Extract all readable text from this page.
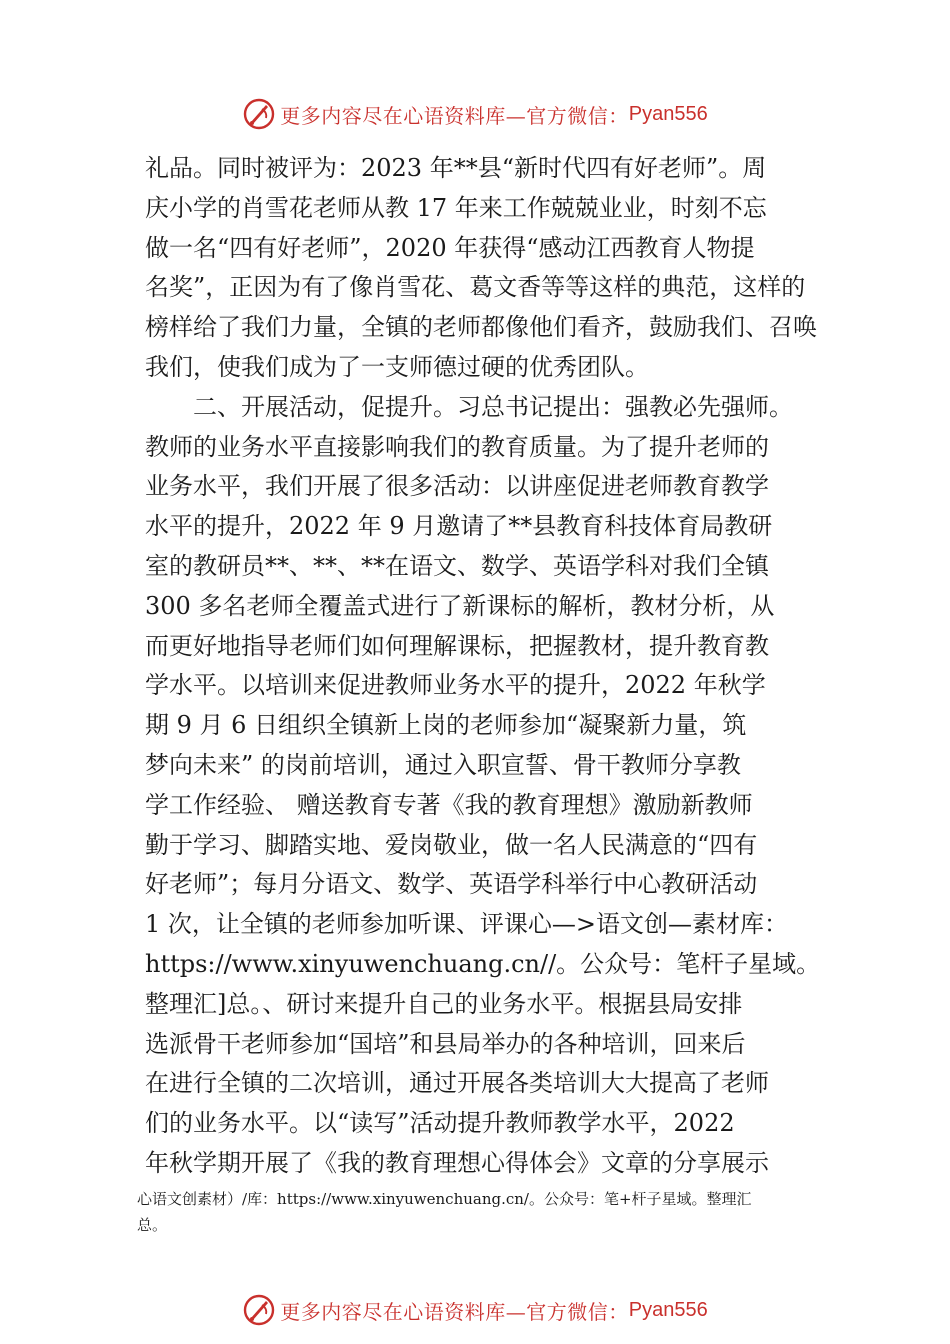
更多内容尽在心语资料库—官方微信： Pyan556
礼品。同时被评为：2023 年**县“新时代四有好老师”。周
庆小学的肖雪花老师从教 17 年来工作兢兢业业，时刻不忘
做一名“四有好老师”，2020 年获得“感动江西教育人物提
名奖”，正因为有了像肖雪花、葛文香等等这样的典范，这样的
榜样给了我们力量，全镇的老师都像他们看齐，鼓励我们、召唤
我们，使我们成为了一支师德过硬的优秀团队。
　　二、开展活动，促提升。习总书记提出：强教必先强师。
教师的业务水平直接影响我们的教育质量。为了提升老师的
业务水平，我们开展了很多活动：以讲座促进老师教育教学
水平的提升，2022 年 9 月邀请了**县教育科技体育局教研
室的教研员**、**、**在语文、数学、英语学科对我们全镇
300 多名老师全覆盖式进行了新课标的解析，教材分析，从
而更好地指导老师们如何理解课标，把握教材，提升教育教
学水平。以培训来促进教师业务水平的提升，2022 年秋学
期 9 月 6 日组织全镇新上岗的老师参加“凝聚新力量，筑
梦向未来” 的岗前培训，通过入职宣誓、骨干教师分享教
学工作经验、 赠送教育专著《我的教育理想》激励新教师
勤于学习、脚踏实地、爱岗敬业，做一名人民满意的“四有
好老师”；每月分语文、数学、英语学科举行中心教研活动
1 次，让全镇的老师参加听课、评课心—>语文创—素材库：
https://www.xinyuwenchuang.cn//。公众号：笔杆子星域。
整理汇]总。、研讨来提升自己的业务水平。根据县局安排
选派骨干老师参加“国培”和县局举办的各种培训，回来后
在进行全镇的二次培训，通过开展各类培训大大提高了老师
们的业务水平。以“读写”活动提升教师教学水平，2022
年秋学期开展了《我的教育理想心得体会》文章的分享展示
心语文创素材）/库：https://www.xinyuwenchuang.cn/。公众号：笔+杆子星域。整理汇
总。
更多内容尽在心语资料库—官方微信： Pyan556
